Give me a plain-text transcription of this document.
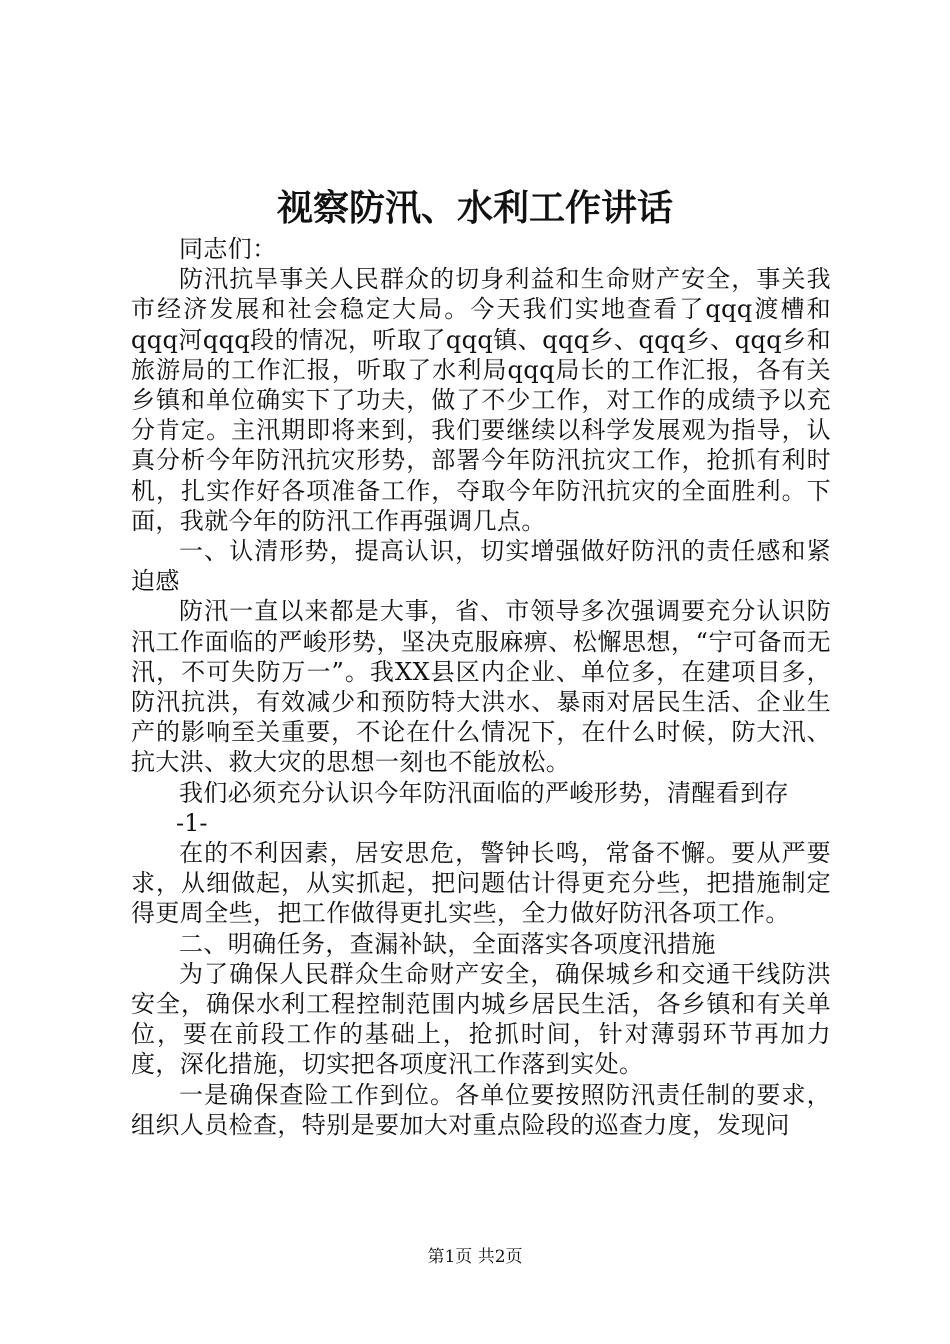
视察防汛、水利工作讲话

同志们：

防汛抗旱事关人民群众的切身利益和生命财产安全，事关我市经济发展和社会稳定大局。今天我们实地查看了qqq渡槽和qqq河qqq段的情况，听取了qqq镇、qqq乡、qqq乡、qqq乡和旅游局的工作汇报，听取了水利局qqq局长的工作汇报，各有关乡镇和单位确实下了功夫，做了不少工作，对工作的成绩予以充分肯定。主汛期即将来到，我们要继续以科学发展观为指导，认真分析今年防汛抗灾形势，部署今年防汛抗灾工作，抢抓有利时机，扎实作好各项准备工作，夺取今年防汛抗灾的全面胜利。下面，我就今年的防汛工作再强调几点。

一、认清形势，提高认识，切实增强做好防汛的责任感和紧迫感

防汛一直以来都是大事，省、市领导多次强调要充分认识防汛工作面临的严峻形势，坚决克服麻痹、松懈思想，“宁可备而无汛，不可失防万一”。我XX县区内企业、单位多，在建项目多，防汛抗洪，有效减少和预防特大洪水、暴雨对居民生活、企业生产的影响至关重要，不论在什么情况下，在什么时候，防大汛、抗大洪、救大灾的思想一刻也不能放松。

我们必须充分认识今年防汛面临的严峻形势，清醒看到存

-1-

在的不利因素，居安思危，警钟长鸣，常备不懈。要从严要求，从细做起，从实抓起，把问题估计得更充分些，把措施制定得更周全些，把工作做得更扎实些，全力做好防汛各项工作。

二、明确任务，查漏补缺，全面落实各项度汛措施

为了确保人民群众生命财产安全，确保城乡和交通干线防洪安全，确保水利工程控制范围内城乡居民生活，各乡镇和有关单位，要在前段工作的基础上，抢抓时间，针对薄弱环节再加力度，深化措施，切实把各项度汛工作落到实处。

一是确保查险工作到位。各单位要按照防汛责任制的要求，组织人员检查，特别是要加大对重点险段的巡查力度，发现问

第1页 共2页
